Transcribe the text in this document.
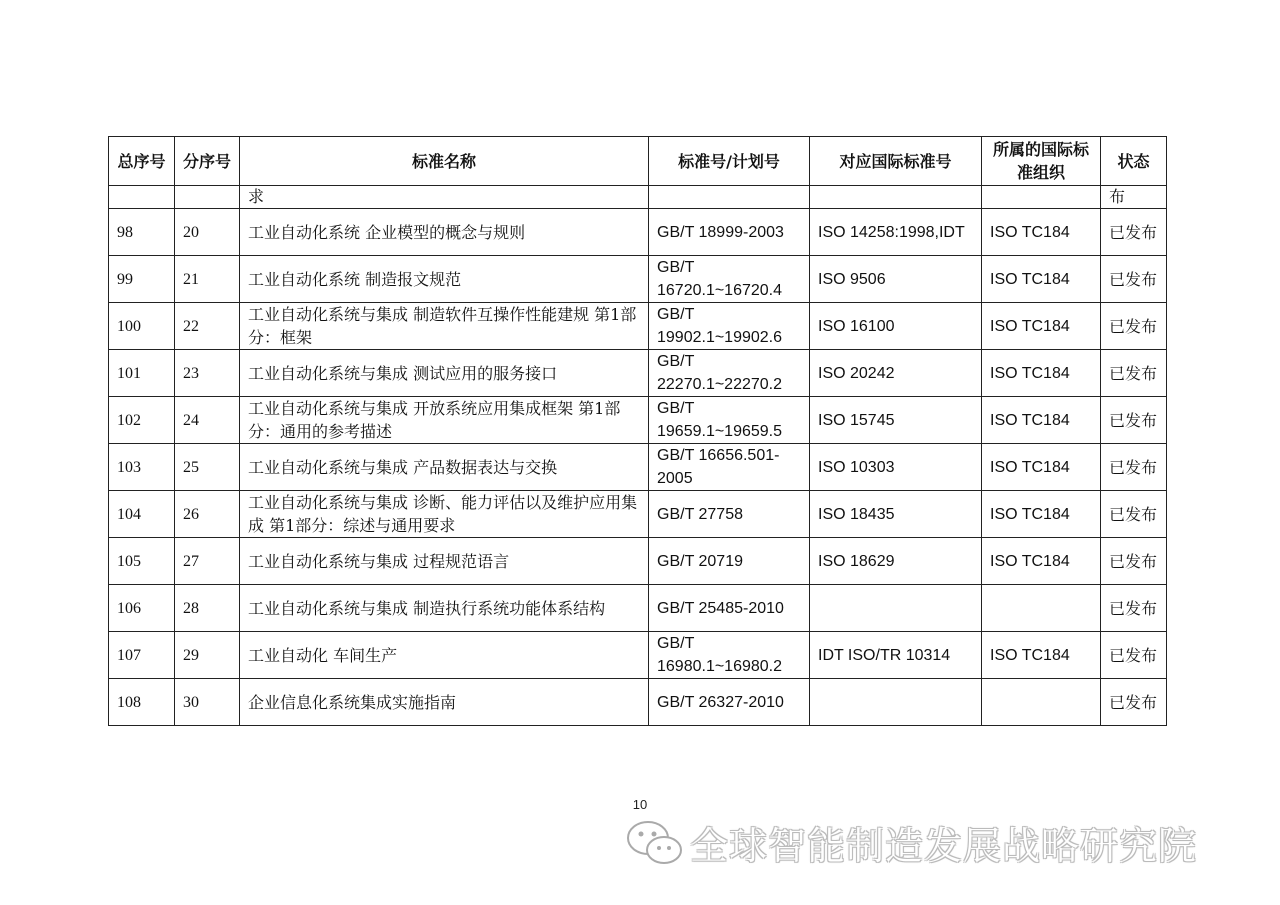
总序号	分序号	标准名称	标准号/计划号	对应国际标准号	所属的国际标准组织	状态
		求				布
98	20	工业自动化系统 企业模型的概念与规则	GB/T 18999-2003	ISO 14258:1998,IDT	ISO TC184	已发布
99	21	工业自动化系统 制造报文规范	GB/T 16720.1~16720.4	ISO 9506	ISO TC184	已发布
100	22	工业自动化系统与集成 制造软件互操作性能建规 第1部分：框架	GB/T 19902.1~19902.6	ISO 16100	ISO TC184	已发布
101	23	工业自动化系统与集成 测试应用的服务接口	GB/T 22270.1~22270.2	ISO 20242	ISO TC184	已发布
102	24	工业自动化系统与集成 开放系统应用集成框架 第1部分：通用的参考描述	GB/T 19659.1~19659.5	ISO 15745	ISO TC184	已发布
103	25	工业自动化系统与集成 产品数据表达与交换	GB/T 16656.501-2005	ISO 10303	ISO TC184	已发布
104	26	工业自动化系统与集成 诊断、能力评估以及维护应用集成 第1部分：综述与通用要求	GB/T 27758	ISO 18435	ISO TC184	已发布
105	27	工业自动化系统与集成 过程规范语言	GB/T 20719	ISO 18629	ISO TC184	已发布
106	28	工业自动化系统与集成 制造执行系统功能体系结构	GB/T 25485-2010			已发布
107	29	工业自动化 车间生产	GB/T 16980.1~16980.2	IDT ISO/TR 10314	ISO TC184	已发布
108	30	企业信息化系统集成实施指南	GB/T 26327-2010			已发布
10
全球智能制造发展战略研究院
